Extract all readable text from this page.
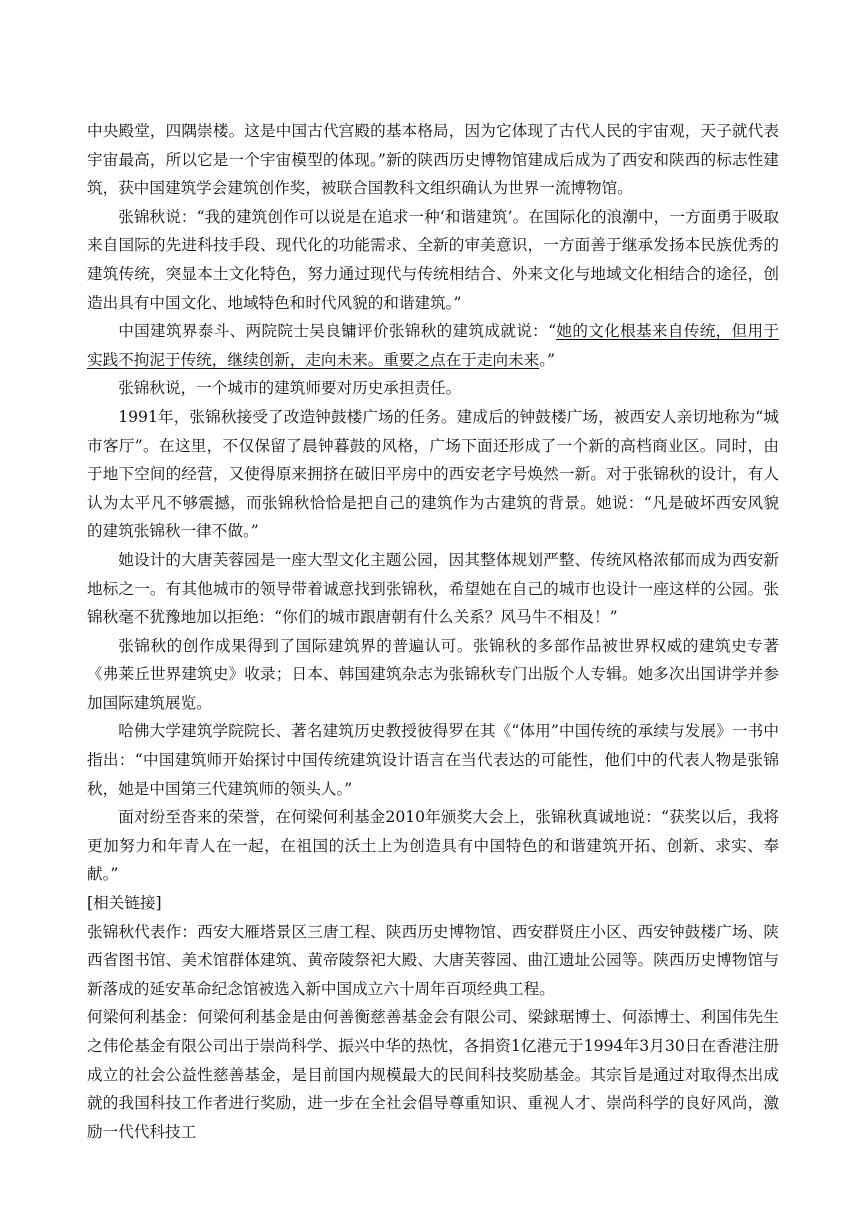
中央殿堂，四隅崇楼。这是中国古代宫殿的基本格局，因为它体现了古代人民的宇宙观，天子就代表宇宙最高，所以它是一个宇宙模型的体现。”新的陕西历史博物馆建成后成为了西安和陕西的标志性建筑，获中国建筑学会建筑创作奖，被联合国教科文组织确认为世界一流博物馆。

张锦秋说：“我的建筑创作可以说是在追求一种‘和谐建筑’。在国际化的浪潮中，一方面勇于吸取来自国际的先进科技手段、现代化的功能需求、全新的审美意识，一方面善于继承发扬本民族优秀的建筑传统，突显本土文化特色，努力通过现代与传统相结合、外来文化与地域文化相结合的途径，创造出具有中国文化、地域特色和时代风貌的和谐建筑。”

中国建筑界泰斗、两院院士吴良镛评价张锦秋的建筑成就说：“她的文化根基来自传统，但用于实践不拘泥于传统，继续创新，走向未来。重要之点在于走向未来。”

张锦秋说，一个城市的建筑师要对历史承担责任。

1991年，张锦秋接受了改造钟鼓楼广场的任务。建成后的钟鼓楼广场，被西安人亲切地称为“城市客厅”。在这里，不仅保留了晨钟暮鼓的风格，广场下面还形成了一个新的高档商业区。同时，由于地下空间的经营，又使得原来拥挤在破旧平房中的西安老字号焕然一新。对于张锦秋的设计，有人认为太平凡不够震撼，而张锦秋恰恰是把自己的建筑作为古建筑的背景。她说：“凡是破坏西安风貌的建筑张锦秋一律不做。”

她设计的大唐芙蓉园是一座大型文化主题公园，因其整体规划严整、传统风格浓郁而成为西安新地标之一。有其他城市的领导带着诚意找到张锦秋，希望她在自己的城市也设计一座这样的公园。张锦秋毫不犹豫地加以拒绝：“你们的城市跟唐朝有什么关系？风马牛不相及！”

张锦秋的创作成果得到了国际建筑界的普遍认可。张锦秋的多部作品被世界权威的建筑史专著《弗莱丘世界建筑史》收录；日本、韩国建筑杂志为张锦秋专门出版个人专辑。她多次出国讲学并参加国际建筑展览。

哈佛大学建筑学院院长、著名建筑历史教授彼得罗在其《“体用”中国传统的承续与发展》一书中指出：“中国建筑师开始探讨中国传统建筑设计语言在当代表达的可能性，他们中的代表人物是张锦秋，她是中国第三代建筑师的领头人。”

面对纷至沓来的荣誉，在何梁何利基金2010年颁奖大会上，张锦秋真诚地说：“获奖以后，我将更加努力和年青人在一起，在祖国的沃土上为创造具有中国特色的和谐建筑开拓、创新、求实、奉献。”

[相关链接]

张锦秋代表作：西安大雁塔景区三唐工程、陕西历史博物馆、西安群贤庄小区、西安钟鼓楼广场、陕西省图书馆、美术馆群体建筑、黄帝陵祭祀大殿、大唐芙蓉园、曲江遗址公园等。陕西历史博物馆与新落成的延安革命纪念馆被选入新中国成立六十周年百项经典工程。

何梁何利基金：何梁何利基金是由何善衡慈善基金会有限公司、梁銶琚博士、何添博士、利国伟先生之伟伦基金有限公司出于崇尚科学、振兴中华的热忱，各捐资1亿港元于1994年3月30日在香港注册成立的社会公益性慈善基金，是目前国内规模最大的民间科技奖励基金。其宗旨是通过对取得杰出成就的我国科技工作者进行奖励，进一步在全社会倡导尊重知识、重视人才、崇尚科学的良好风尚，激励一代代科技工
